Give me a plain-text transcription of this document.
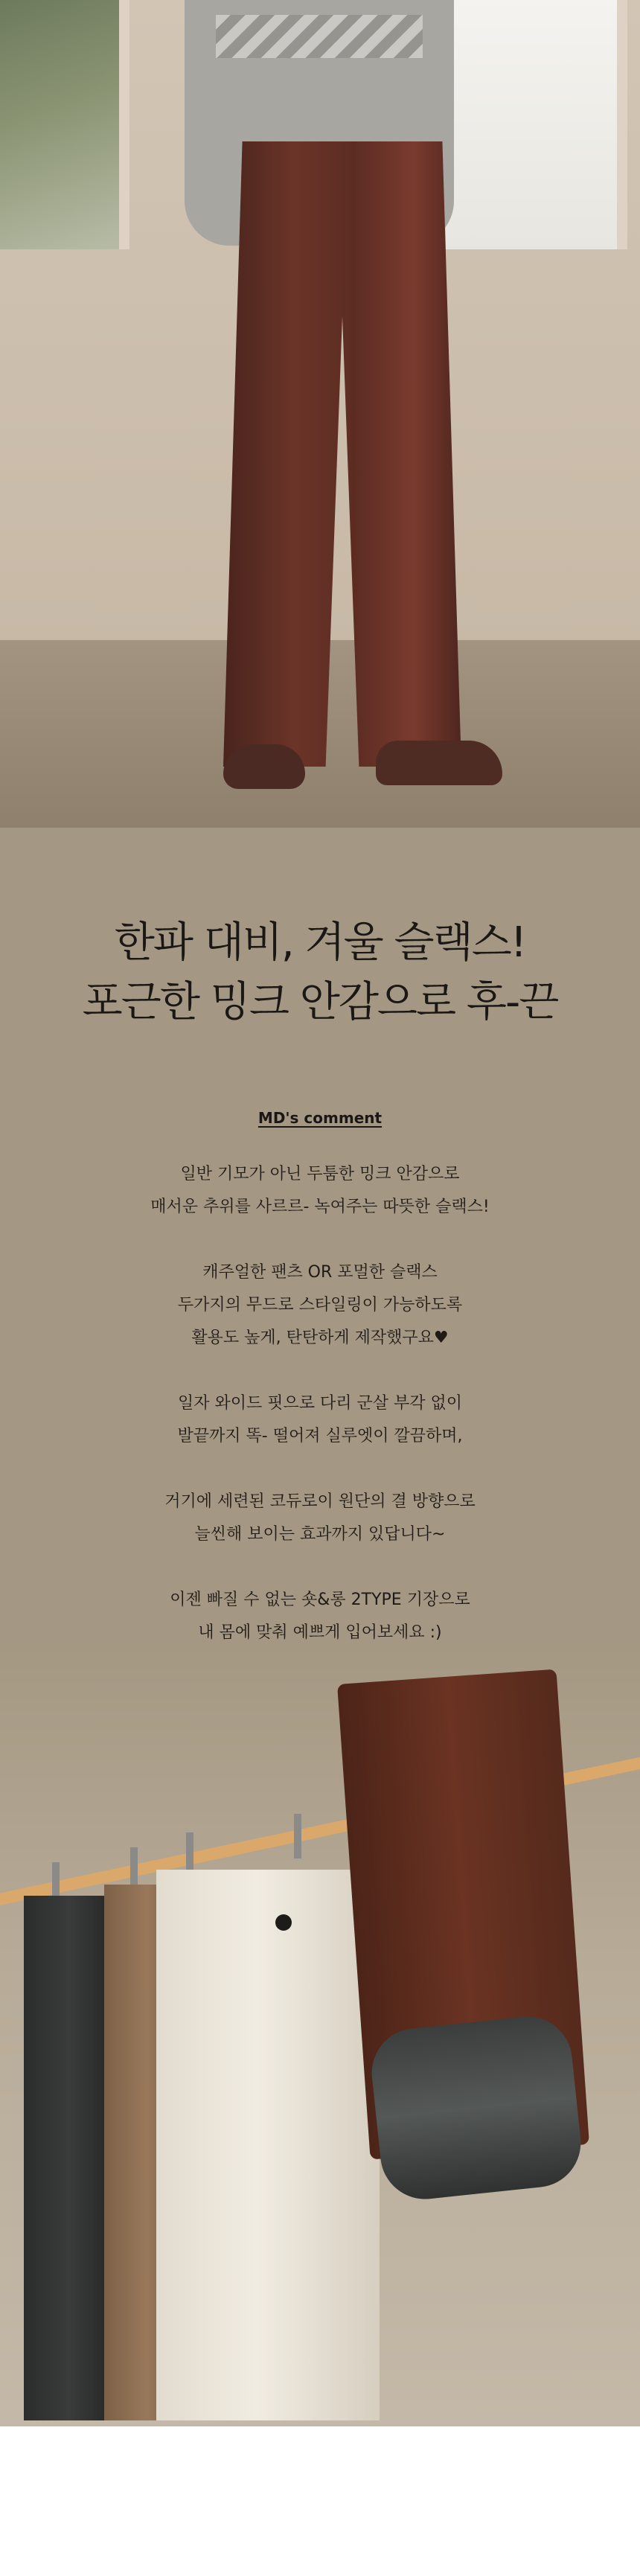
한파 대비, 겨울 슬랙스!
포근한 밍크 안감으로 후-끈
MD's comment

일반 기모가 아닌 두툼한 밍크 안감으로
매서운 추위를 사르르- 녹여주는 따뜻한 슬랙스!

캐주얼한 팬츠 OR 포멀한 슬랙스
두가지의 무드로 스타일링이 가능하도록
활용도 높게, 탄탄하게 제작했구요♥

일자 와이드 핏으로 다리 군살 부각 없이
발끝까지 똑- 떨어져 실루엣이 깔끔하며,

거기에 세련된 코듀로이 원단의 결 방향으로
늘씬해 보이는 효과까지 있답니다~

이젠 빠질 수 없는 숏&롱 2TYPE 기장으로
내 몸에 맞춰 예쁘게 입어보세요 :)
